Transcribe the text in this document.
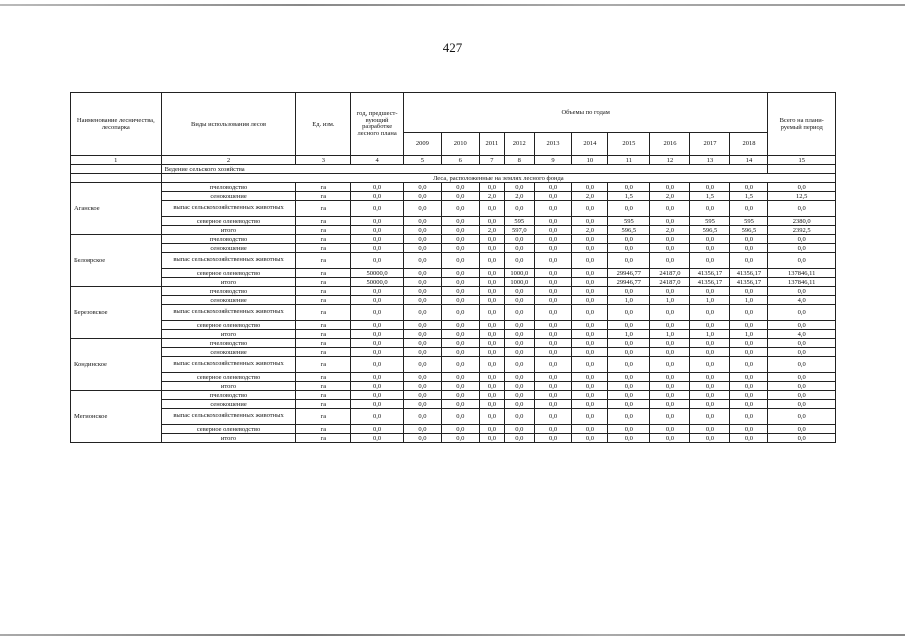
427
Наименование лесничества, лесопарка	Виды использования лесов	Ед. изм.	год, предшест-вующий разработке лесного плана	Объемы по годам										Всего на плани-руемый период
				2009	2010	2011	2012	2013	2014	2015	2016	2017	2018	
1	2	3	4	5	6	7	8	9	10	11	12	13	14	15
	Ведение сельского хозяйства													
	Леса, расположенные на землях лесного фонда													
Аганское	пчеловодство	га	0,0	0,0	0,0	0,0	0,0	0,0	0,0	0,0	0,0	0,0	0,0	0,0
	сенокошение	га	0,0	0,0	0,0	2,0	2,0	0,0	2,0	1,5	2,0	1,5	1,5	12,5
	выпас сельскохозяйственных животных	га	0,0	0,0	0,0	0,0	0,0	0,0	0,0	0,0	0,0	0,0	0,0	0,0
	северное оленеводство	га	0,0	0,0	0,0	0,0	595	0,0	0,0	595	0,0	595	595	2380,0
	итого	га	0,0	0,0	0,0	2,0	597,0	0,0	2,0	596,5	2,0	596,5	596,5	2392,5
Белоярское	пчеловодство	га	0,0	0,0	0,0	0,0	0,0	0,0	0,0	0,0	0,0	0,0	0,0	0,0
	сенокошение	га	0,0	0,0	0,0	0,0	0,0	0,0	0,0	0,0	0,0	0,0	0,0	0,0
	выпас сельскохозяйственных животных	га	0,0	0,0	0,0	0,0	0,0	0,0	0,0	0,0	0,0	0,0	0,0	0,0
	северное оленеводство	га	50000,0	0,0	0,0	0,0	1000,0	0,0	0,0	29946,77	24187,0	41356,17	41356,17	137846,11
	итого	га	50000,0	0,0	0,0	0,0	1000,0	0,0	0,0	29946,77	24187,0	41356,17	41356,17	137846,11
Березовское	пчеловодство	га	0,0	0,0	0,0	0,0	0,0	0,0	0,0	0,0	0,0	0,0	0,0	0,0
	сенокошение	га	0,0	0,0	0,0	0,0	0,0	0,0	0,0	1,0	1,0	1,0	1,0	4,0
	выпас сельскохозяйственных животных	га	0,0	0,0	0,0	0,0	0,0	0,0	0,0	0,0	0,0	0,0	0,0	0,0
	северное оленеводство	га	0,0	0,0	0,0	0,0	0,0	0,0	0,0	0,0	0,0	0,0	0,0	0,0
	итого	га	0,0	0,0	0,0	0,0	0,0	0,0	0,0	1,0	1,0	1,0	1,0	4,0
Кондинское	пчеловодство	га	0,0	0,0	0,0	0,0	0,0	0,0	0,0	0,0	0,0	0,0	0,0	0,0
	сенокошение	га	0,0	0,0	0,0	0,0	0,0	0,0	0,0	0,0	0,0	0,0	0,0	0,0
	выпас сельскохозяйственных животных	га	0,0	0,0	0,0	0,0	0,0	0,0	0,0	0,0	0,0	0,0	0,0	0,0
	северное оленеводство	га	0,0	0,0	0,0	0,0	0,0	0,0	0,0	0,0	0,0	0,0	0,0	0,0
	итого	га	0,0	0,0	0,0	0,0	0,0	0,0	0,0	0,0	0,0	0,0	0,0	0,0
Мегионское	пчеловодство	га	0,0	0,0	0,0	0,0	0,0	0,0	0,0	0,0	0,0	0,0	0,0	0,0
	сенокошение	га	0,0	0,0	0,0	0,0	0,0	0,0	0,0	0,0	0,0	0,0	0,0	0,0
	выпас сельскохозяйственных животных	га	0,0	0,0	0,0	0,0	0,0	0,0	0,0	0,0	0,0	0,0	0,0	0,0
	северное оленеводство	га	0,0	0,0	0,0	0,0	0,0	0,0	0,0	0,0	0,0	0,0	0,0	0,0
	итого	га	0,0	0,0	0,0	0,0	0,0	0,0	0,0	0,0	0,0	0,0	0,0	0,0
